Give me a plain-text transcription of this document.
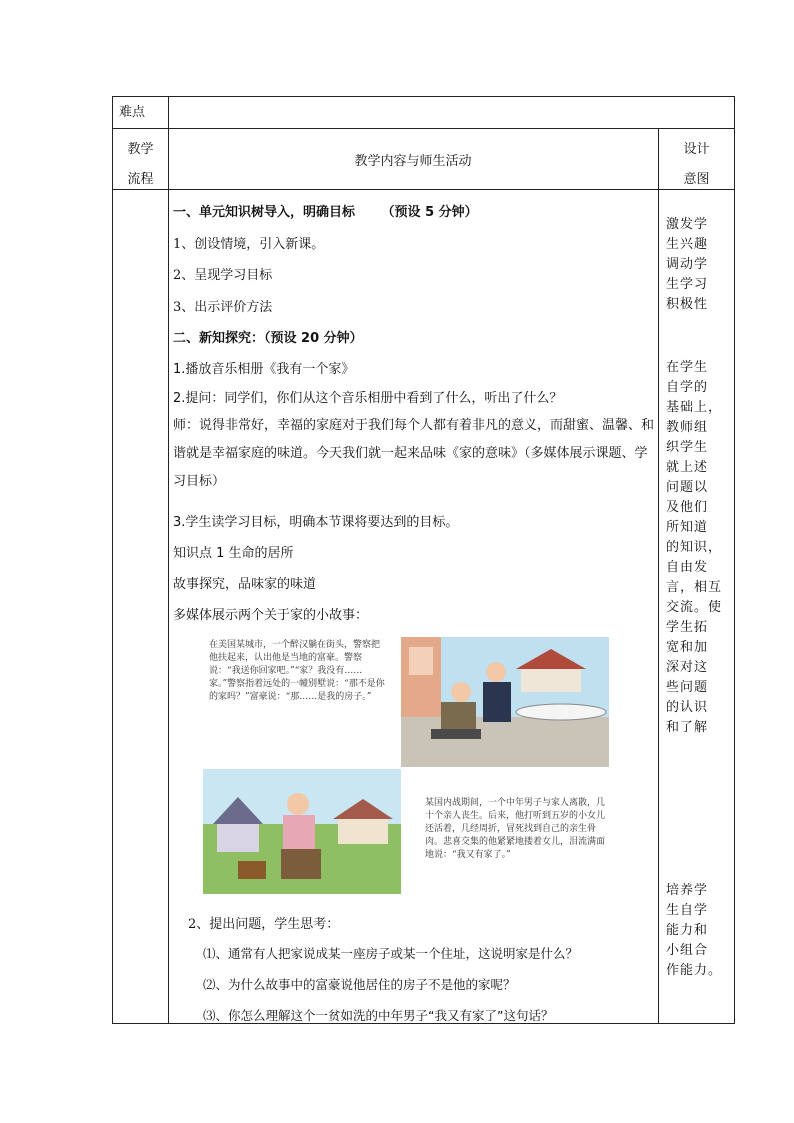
难点
教学
流程
教学内容与师生活动
设计
意图
一、单元知识树导入，明确目标 （预设 5 分钟）
1、创设情境，引入新课。
2、呈现学习目标
3、出示评价方法
二、新知探究：（预设 20 分钟）
1.播放音乐相册《我有一个家》
2.提问：同学们，你们从这个音乐相册中看到了什么，听出了什么？
师：说得非常好，幸福的家庭对于我们每个人都有着非凡的意义，而甜蜜、温馨、和谐就是幸福家庭的味道。今天我们就一起来品味《家的意味》（多媒体展示课题、学习目标）
3.学生读学习目标，明确本节课将要达到的目标。
知识点 1 生命的居所
故事探究，品味家的味道
多媒体展示两个关于家的小故事：
2、提出问题，学生思考：
⑴、通常有人把家说成某一座房子或某一个住址，这说明家是什么？
⑵、为什么故事中的富豪说他居住的房子不是他的家呢？
⑶、你怎么理解这个一贫如洗的中年男子“我又有家了”这句话？
在美国某城市，一个醉汉躺在街头，警察把他扶起来，认出他是当地的富豪。警察说：“我送你回家吧。”“家？我没有……家。”警察指着远处的一幢别墅说：“那不是你的家吗？”富豪说：“那……是我的房子。”
某国内战期间，一个中年男子与家人离散，几十个亲人丧生。后来，他打听到五岁的小女儿还活着，几经周折，冒死找到自己的亲生骨肉。悲喜交集的他紧紧地搂着女儿，泪流满面地说：“我又有家了。”
激发学
生兴趣
调动学
生学习
积极性
在学生
自学的
基础上，
教师组
织学生
就上述
问题以
及他们
所知道
的知识，
自由发
言，相互
交流。使
学生拓
宽和加
深对这
些问题
的认识
和了解
培养学
生自学
能力和
小组合
作能力。
